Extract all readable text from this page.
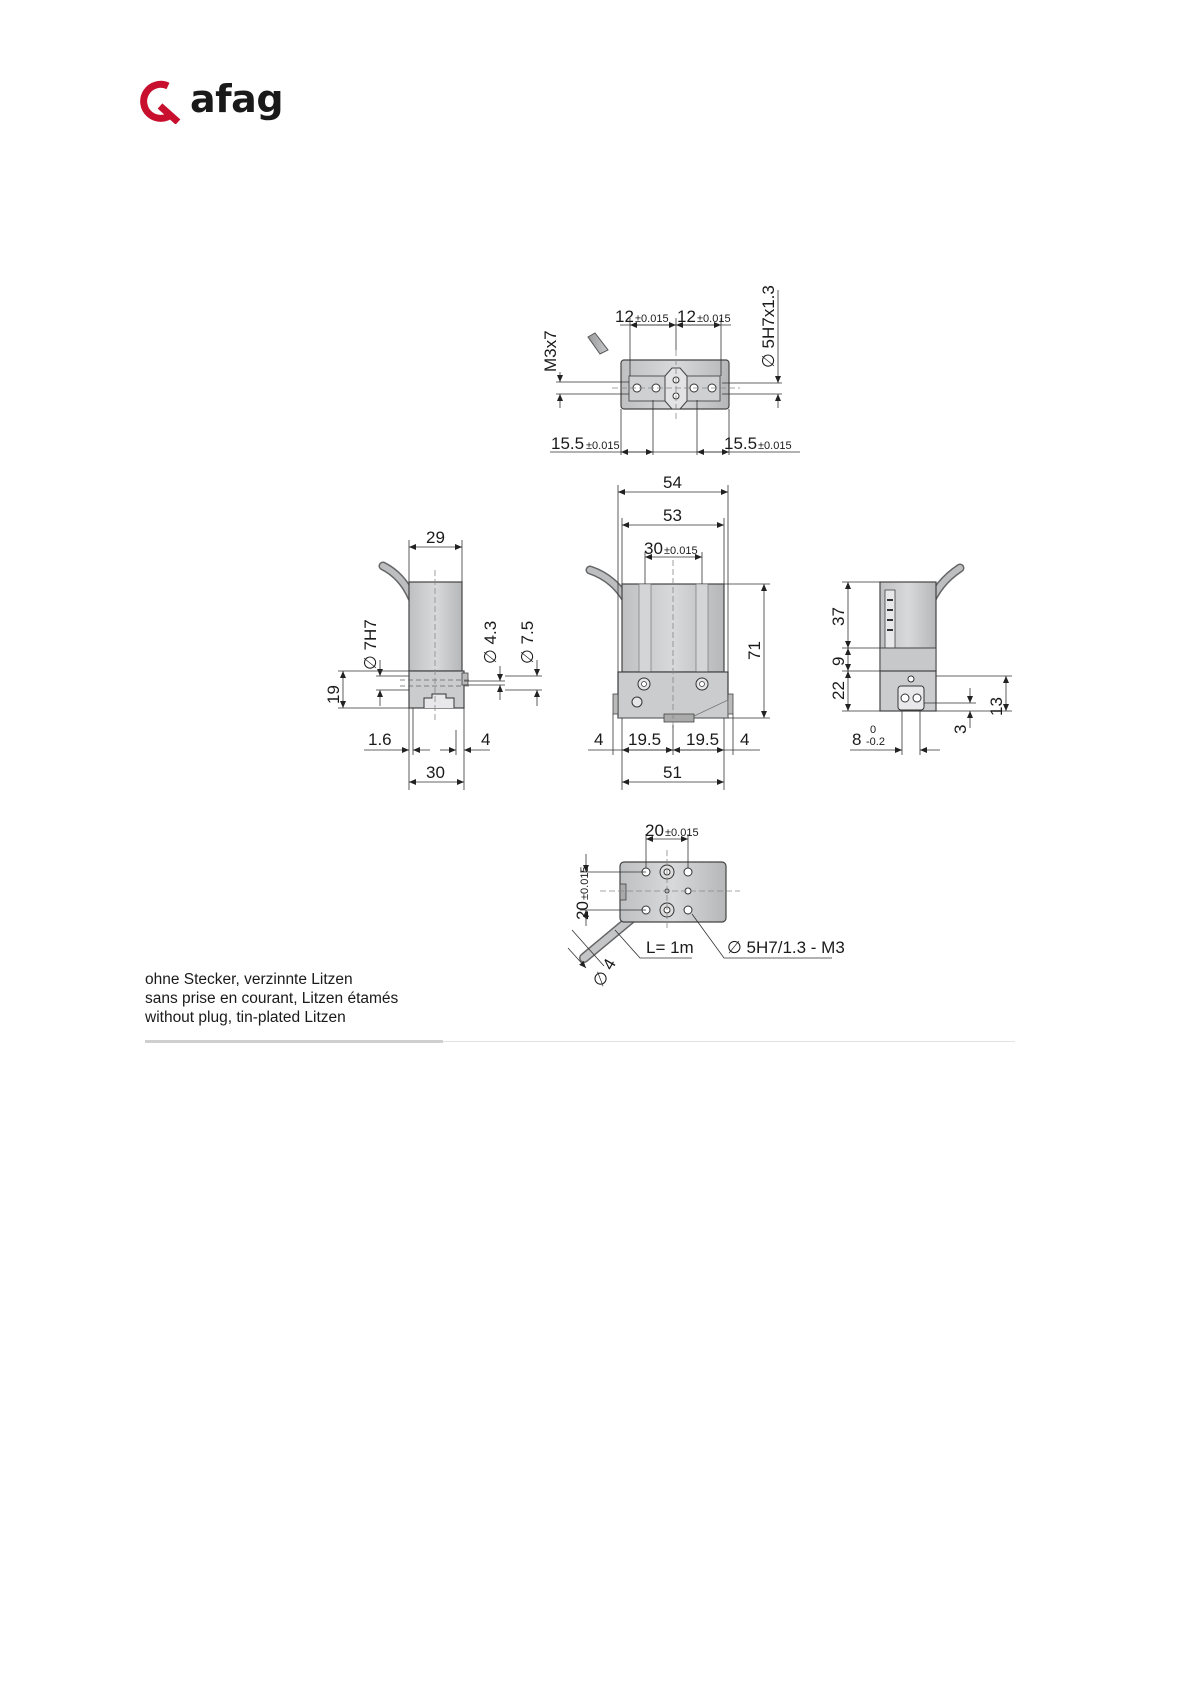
afag
12 ±0.015 12 ±0.015
M3x7	∅ 5H7x1.3
15.5 ±0.015	15.5 ±0.015
54
53
30 ±0.015
71
4 19.5 19.5 4
51
29
∅ 7H7	∅ 4.3 ∅ 7.5
19
1.6	4
30
37
9
22
13
3
8 0
-0.2
20 ±0.015
20
±0.015
∅ 4
L= 1m ∅ 5H7/1.3 - M3
ohne Stecker, verzinnte Litzen
sans prise en courant, Litzen étamés
without plug, tin-plated Litzen
